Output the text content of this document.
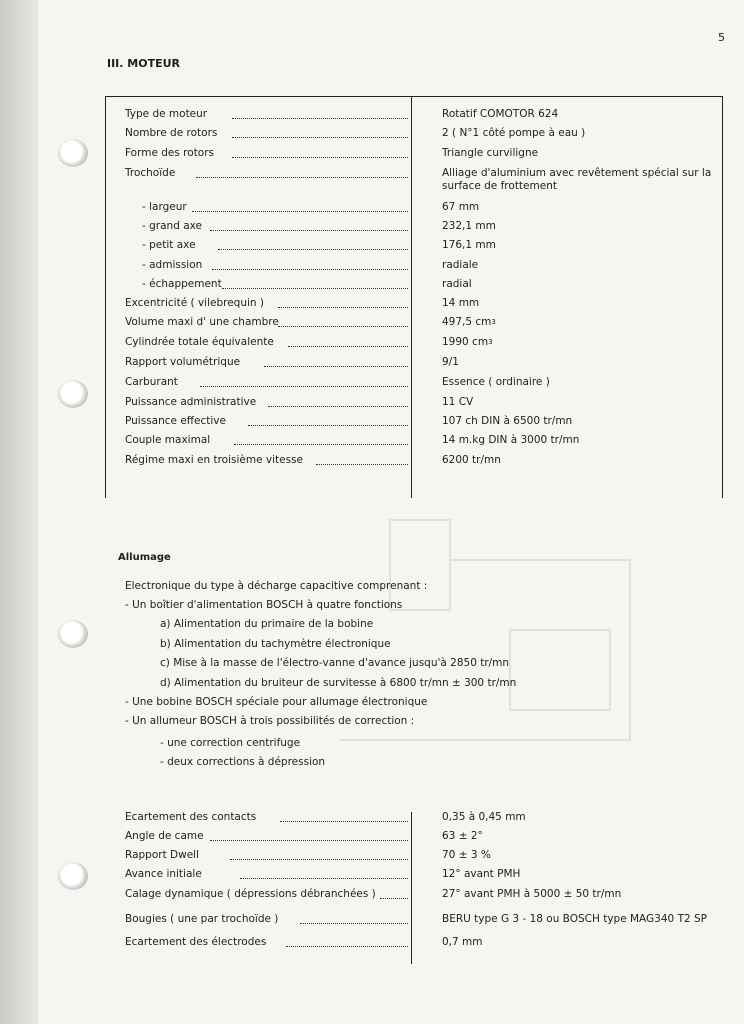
5
III. MOTEUR
Type de moteur	Rotatif COMOTOR 624
Nombre de rotors	2 ( N°1 côté pompe à eau )
Forme des rotors	Triangle curviligne
Trochoïde	Alliage d'aluminium avec revêtement spécial sur la surface de frottement
- largeur	67 mm
- grand axe	232,1 mm
- petit axe	176,1 mm
- admission	radiale
- échappement	radial
Excentricité ( vilebrequin )	14 mm
Volume maxi d' une chambre	497,5 $cm^3$
Cylindrée totale équivalente	1990 $cm^3$
Rapport volumétrique	9/1
Carburant	Essence ( ordinaire )
Puissance administrative	11 CV
Puissance effective	107 ch DIN à 6500 tr/mn
Couple maximal	14 m.kg DIN à 3000 tr/mn
Régime maxi en troisième vitesse	6200 tr/mn
Allumage
Electronique du type à décharge capacitive comprenant :
- Un boîtier d'alimentation BOSCH à quatre fonctions
a) Alimentation du primaire de la bobine
b) Alimentation du tachymètre électronique
c) Mise à la masse de l'électro-vanne d'avance jusqu'à 2850 tr/mn
d) Alimentation du bruiteur de survitesse à 6800 tr/mn ± 300 tr/mn
- Une bobine BOSCH spéciale pour allumage électronique
- Un allumeur BOSCH à trois possibilités de correction :
- une correction centrifuge
- deux corrections à dépression
Ecartement des contacts	0,35 à 0,45 mm
Angle de came	63 ± 2°
Rapport Dwell	70 ± 3 %
Avance initiale	12° avant PMH
Calage dynamique ( dépressions débranchées )	27° avant PMH à 5000 ± 50 tr/mn
Bougies ( une par trochoïde )	BERU type G 3 - 18 ou BOSCH type MAG340 T2 SP
Ecartement des électrodes	0,7 mm
